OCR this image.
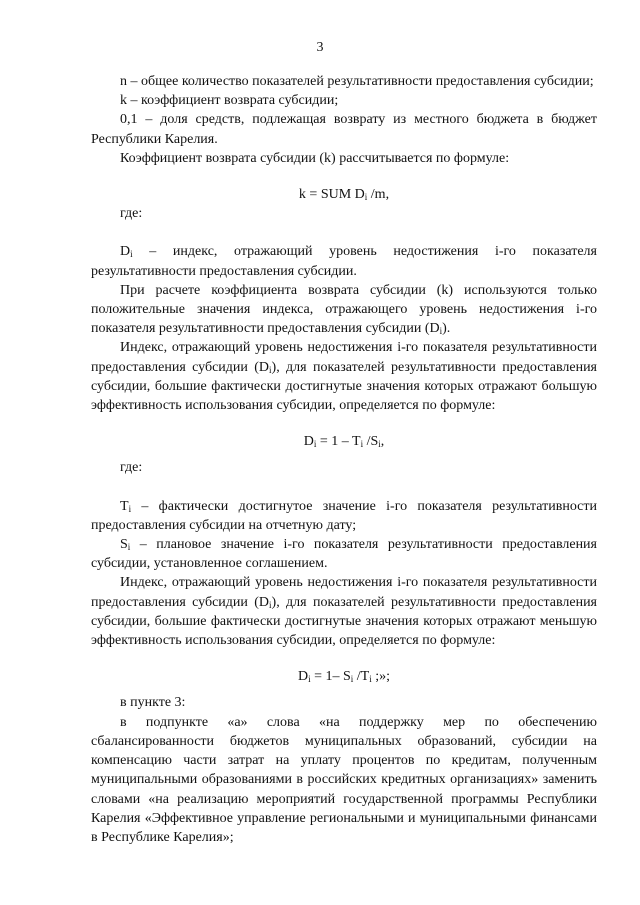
3

n – общее количество показателей результативности предоставления субсидии;

k – коэффициент возврата субсидии;

0,1 – доля средств, подлежащая возврату из местного бюджета в бюджет Республики Карелия.

Коэффициент возврата субсидии (k) рассчитывается по формуле:

k = SUM $D_i$ /m,

где:

$D_i$ – индекс, отражающий уровень недостижения i-го показателя результативности предоставления субсидии.

При расчете коэффициента возврата субсидии (k) используются только положительные значения индекса, отражающего уровень недостижения i-го показателя результативности предоставления субсидии $(D_i)$.

Индекс, отражающий уровень недостижения i-го показателя результативности предоставления субсидии $(D_i)$, для показателей результативности предоставления субсидии, большие фактически достигнутые значения которых отражают большую эффективность использования субсидии, определяется по формуле:

$D_i = 1 - T_i$ $/S_i$,

где:

$T_i$ – фактически достигнутое значение i-го показателя результативности предоставления субсидии на отчетную дату;

$S_i$ – плановое значение i-го показателя результативности предоставления субсидии, установленное соглашением.

Индекс, отражающий уровень недостижения i-го показателя результативности предоставления субсидии $(D_i)$, для показателей результативности предоставления субсидии, большие фактически достигнутые значения которых отражают меньшую эффективность использования субсидии, определяется по формуле:

$D_i = 1-$ $S_i$ $/T_i$ ;»;

в пункте 3:

в подпункте «а» слова «на поддержку мер по обеспечению сбалансированности бюджетов муниципальных образований, субсидии на компенсацию части затрат на уплату процентов по кредитам, полученным муниципальными образованиями в российских кредитных организациях» заменить словами «на реализацию мероприятий государственной программы Республики Карелия «Эффективное управление региональными и муниципальными финансами в Республике Карелия»;
